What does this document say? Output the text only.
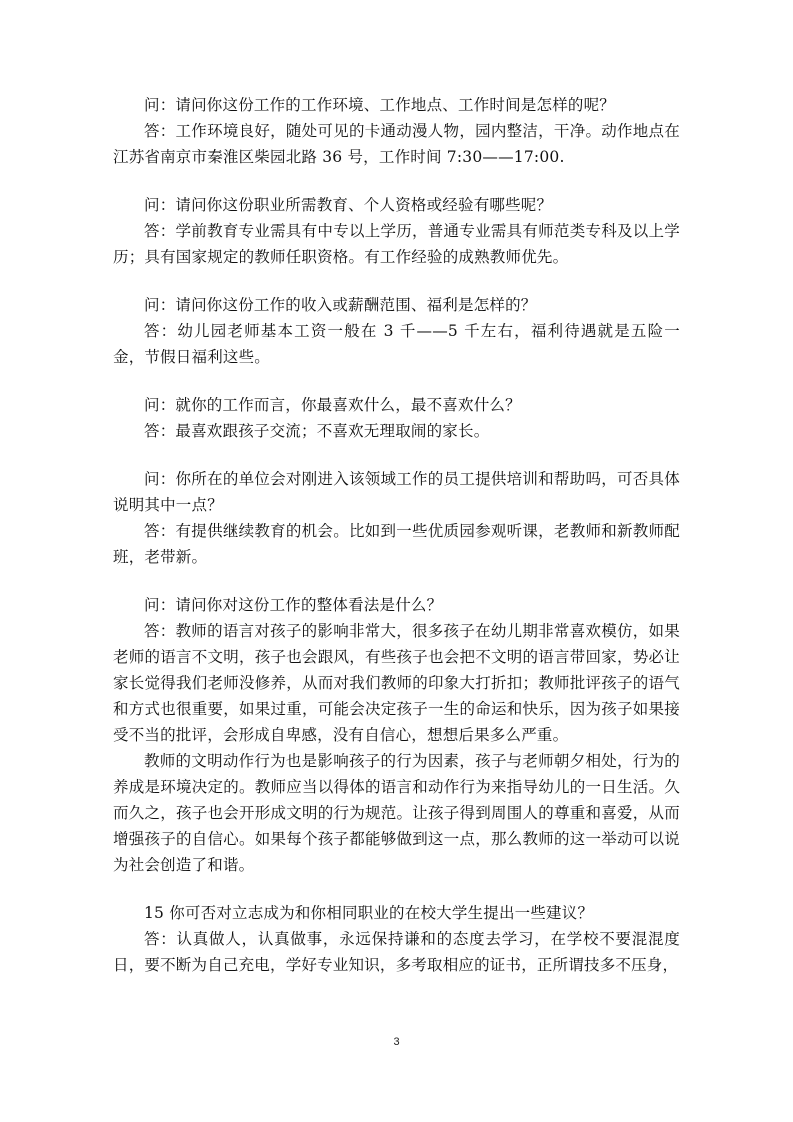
问：请问你这份工作的工作环境、工作地点、工作时间是怎样的呢？

答：工作环境良好，随处可见的卡通动漫人物，园内整洁，干净。动作地点在江苏省南京市秦淮区柴园北路 36 号，工作时间 7:30——17:00.

问：请问你这份职业所需教育、个人资格或经验有哪些呢？

答：学前教育专业需具有中专以上学历，普通专业需具有师范类专科及以上学历；具有国家规定的教师任职资格。有工作经验的成熟教师优先。

问：请问你这份工作的收入或薪酬范围、福利是怎样的？

答：幼儿园老师基本工资一般在 3 千——5 千左右，福利待遇就是五险一金，节假日福利这些。

问：就你的工作而言，你最喜欢什么，最不喜欢什么？

答：最喜欢跟孩子交流；不喜欢无理取闹的家长。

问：你所在的单位会对刚进入该领域工作的员工提供培训和帮助吗，可否具体说明其中一点？

答：有提供继续教育的机会。比如到一些优质园参观听课，老教师和新教师配班，老带新。

问：请问你对这份工作的整体看法是什么？

答：教师的语言对孩子的影响非常大，很多孩子在幼儿期非常喜欢模仿，如果老师的语言不文明，孩子也会跟风，有些孩子也会把不文明的语言带回家，势必让家长觉得我们老师没修养，从而对我们教师的印象大打折扣；教师批评孩子的语气和方式也很重要，如果过重，可能会决定孩子一生的命运和快乐，因为孩子如果接受不当的批评，会形成自卑感，没有自信心，想想后果多么严重。

教师的文明动作行为也是影响孩子的行为因素，孩子与老师朝夕相处，行为的养成是环境决定的。教师应当以得体的语言和动作行为来指导幼儿的一日生活。久而久之，孩子也会开形成文明的行为规范。让孩子得到周围人的尊重和喜爱，从而增强孩子的自信心。如果每个孩子都能够做到这一点，那么教师的这一举动可以说为社会创造了和谐。

15 你可否对立志成为和你相同职业的在校大学生提出一些建议？

答：认真做人，认真做事，永远保持谦和的态度去学习，在学校不要混混度日，要不断为自己充电，学好专业知识，多考取相应的证书，正所谓技多不压身，

3
